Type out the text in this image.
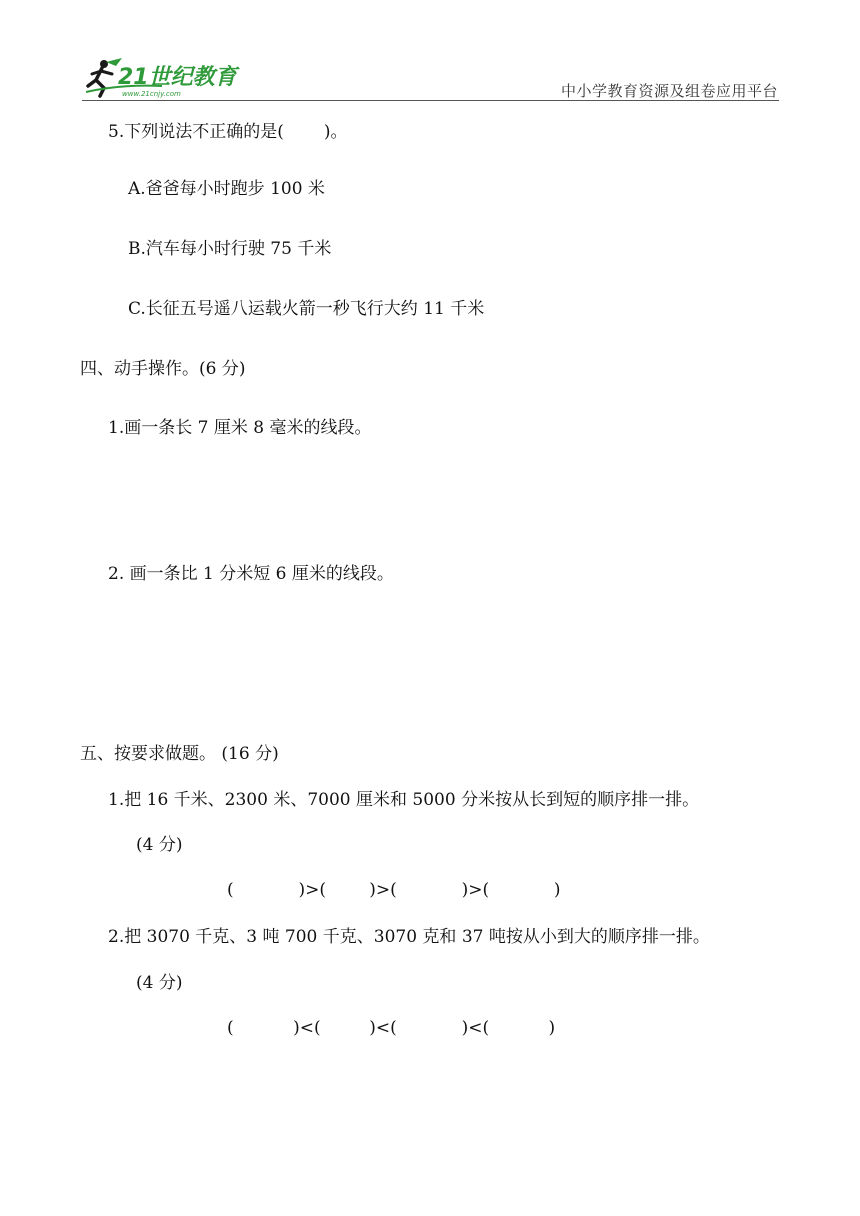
21世纪教育
www.21cnjy.com	中小学教育资源及组卷应用平台
5.下列说法不正确的是( )。
A.爸爸每小时跑步 100 米
B.汽车每小时行驶 75 千米
C.长征五号遥八运载火箭一秒飞行大约 11 千米
四、动手操作。(6 分)
1.画一条长 7 厘米 8 毫米的线段。
2. 画一条比 1 分米短 6 厘米的线段。
五、按要求做题。 (16 分)
1.把 16 千米、2300 米、7000 厘米和 5000 分米按从长到短的顺序排一排。
(4 分)
(            )>(        )>(            )>(            )
2.把 3070 千克、3 吨 700 千克、3070 克和 37 吨按从小到大的顺序排一排。
(4 分)
(           )<(         )<(            )<(           )
